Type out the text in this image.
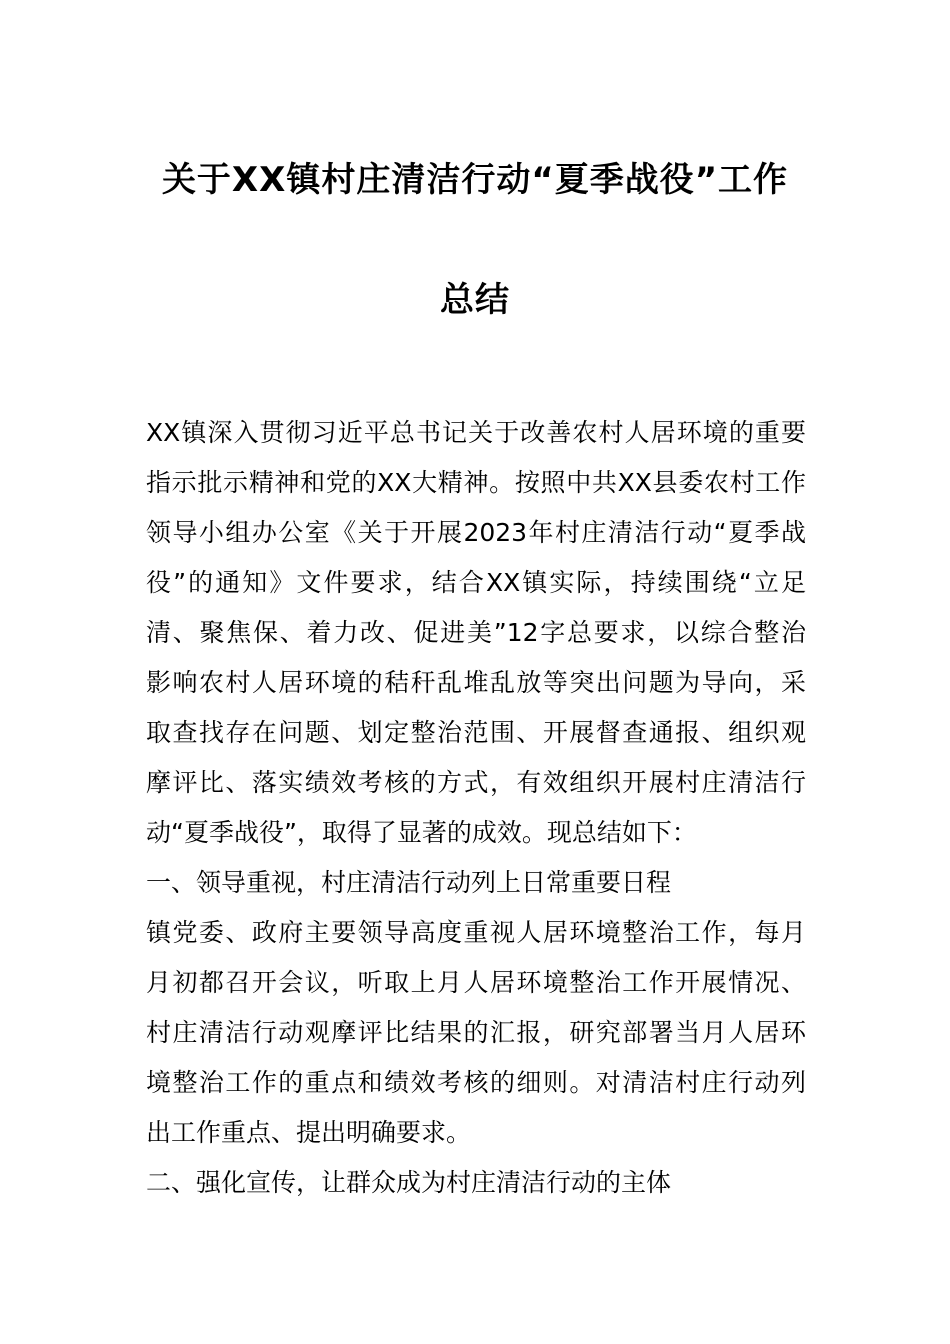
关于XX镇村庄清洁行动“夏季战役”工作
总结
XX镇深入贯彻习近平总书记关于改善农村人居环境的重要
指示批示精神和党的XX大精神。按照中共XX县委农村工作
领导小组办公室《关于开展2023年村庄清洁行动“夏季战
役”的通知》文件要求，结合XX镇实际，持续围绕“立足
清、聚焦保、着力改、促进美”12字总要求，以综合整治
影响农村人居环境的秸秆乱堆乱放等突出问题为导向，采
取查找存在问题、划定整治范围、开展督查通报、组织观
摩评比、落实绩效考核的方式，有效组织开展村庄清洁行
动“夏季战役”，取得了显著的成效。现总结如下：
一、领导重视，村庄清洁行动列上日常重要日程
镇党委、政府主要领导高度重视人居环境整治工作，每月
月初都召开会议，听取上月人居环境整治工作开展情况、
村庄清洁行动观摩评比结果的汇报，研究部署当月人居环
境整治工作的重点和绩效考核的细则。对清洁村庄行动列
出工作重点、提出明确要求。
二、强化宣传，让群众成为村庄清洁行动的主体
